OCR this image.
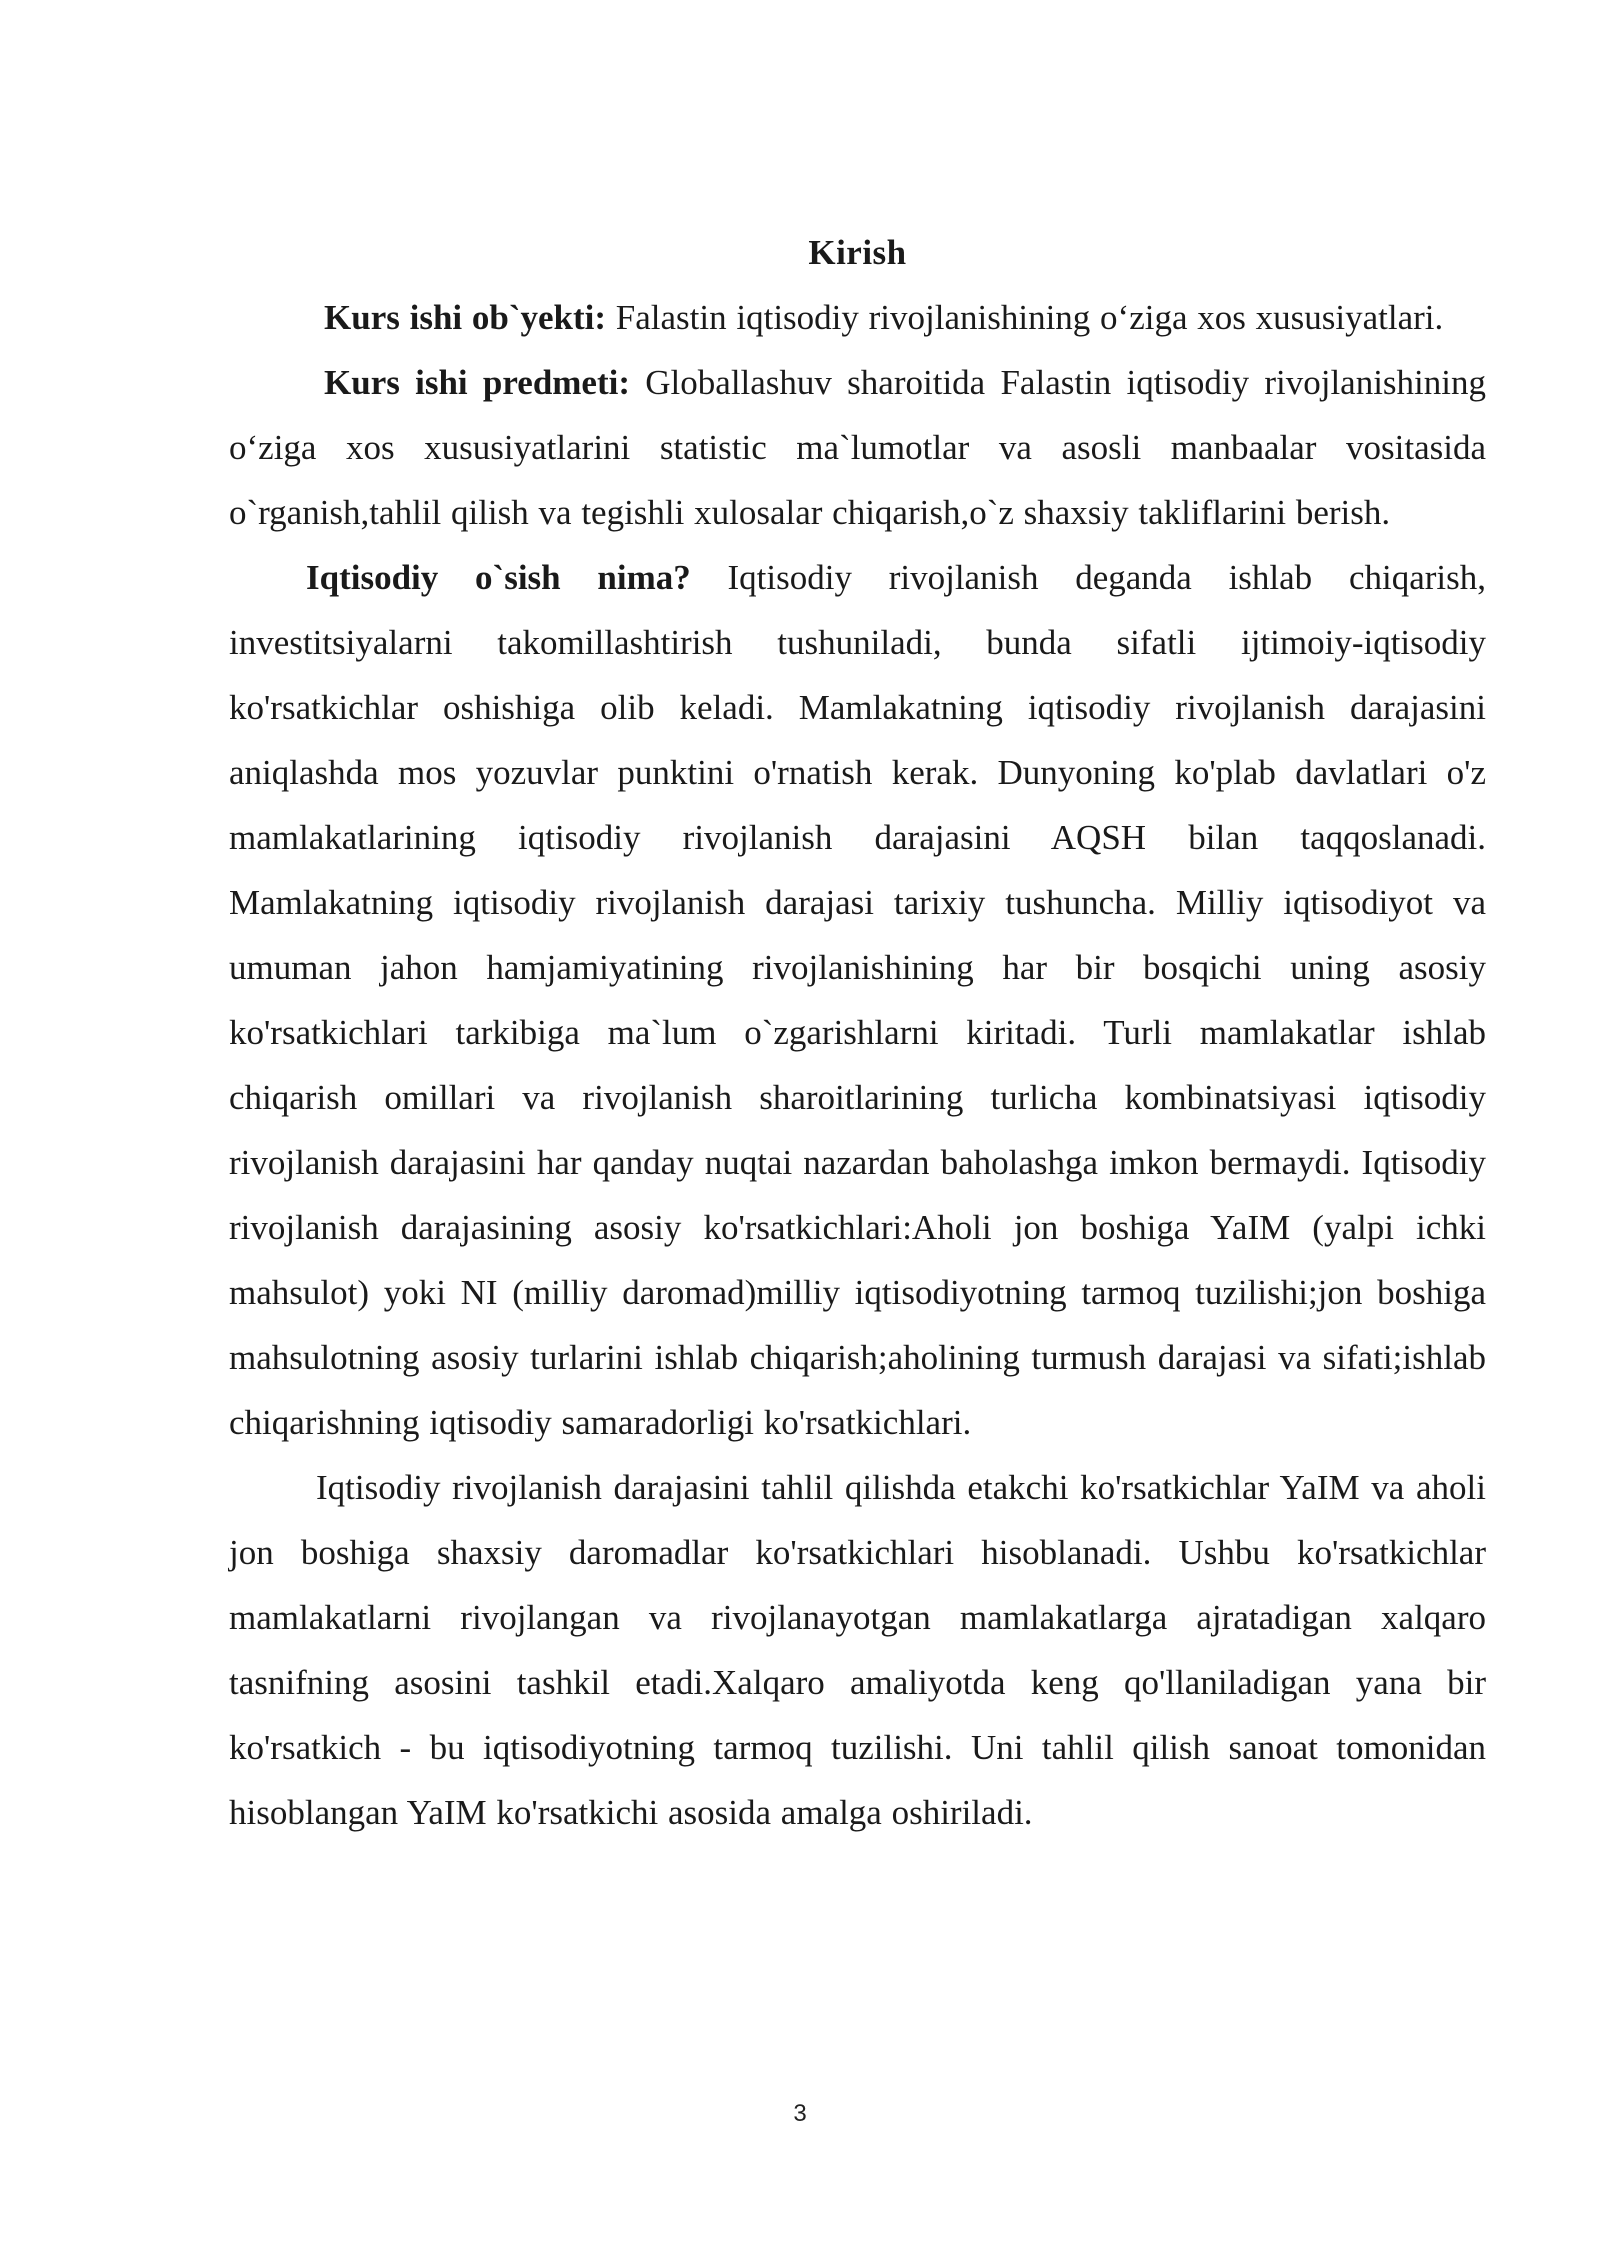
Kirish

Kurs ishi ob`yekti: Falastin iqtisodiy rivojlanishining o‘ziga xos xususiyatlari.

Kurs ishi predmeti: Globallashuv sharoitida Falastin iqtisodiy rivojlanishining o‘ziga xos xususiyatlarini statistic ma`lumotlar va asosli manbaalar vositasida o`rganish,tahlil qilish va tegishli xulosalar chiqarish,o`z shaxsiy takliflarini berish.

Iqtisodiy o`sish nima? Iqtisodiy rivojlanish deganda ishlab chiqarish, investitsiyalarni takomillashtirish tushuniladi, bunda sifatli ijtimoiy-iqtisodiy ko'rsatkichlar oshishiga olib keladi. Mamlakatning iqtisodiy rivojlanish darajasini aniqlashda mos yozuvlar punktini o'rnatish kerak. Dunyoning ko'plab davlatlari o'z mamlakatlarining iqtisodiy rivojlanish darajasini AQSH bilan taqqoslanadi. Mamlakatning iqtisodiy rivojlanish darajasi tarixiy tushuncha. Milliy iqtisodiyot va umuman jahon hamjamiyatining rivojlanishining har bir bosqichi uning asosiy ko'rsatkichlari tarkibiga ma`lum o`zgarishlarni kiritadi. Turli mamlakatlar ishlab chiqarish omillari va rivojlanish sharoitlarining turlicha kombinatsiyasi iqtisodiy rivojlanish darajasini har qanday nuqtai nazardan baholashga imkon bermaydi. Iqtisodiy rivojlanish darajasining asosiy ko'rsatkichlari:Aholi jon boshiga YaIM (yalpi ichki mahsulot) yoki NI (milliy daromad)milliy iqtisodiyotning tarmoq tuzilishi;jon boshiga mahsulotning asosiy turlarini ishlab chiqarish;aholining turmush darajasi va sifati;ishlab chiqarishning iqtisodiy samaradorligi ko'rsatkichlari.

Iqtisodiy rivojlanish darajasini tahlil qilishda etakchi ko'rsatkichlar YaIM va aholi jon boshiga shaxsiy daromadlar ko'rsatkichlari hisoblanadi. Ushbu ko'rsatkichlar mamlakatlarni rivojlangan va rivojlanayotgan mamlakatlarga ajratadigan xalqaro tasnifning asosini tashkil etadi.Xalqaro amaliyotda keng qo'llaniladigan yana bir ko'rsatkich - bu iqtisodiyotning tarmoq tuzilishi. Uni tahlil qilish sanoat tomonidan hisoblangan YaIM ko'rsatkichi asosida amalga oshiriladi.

3
